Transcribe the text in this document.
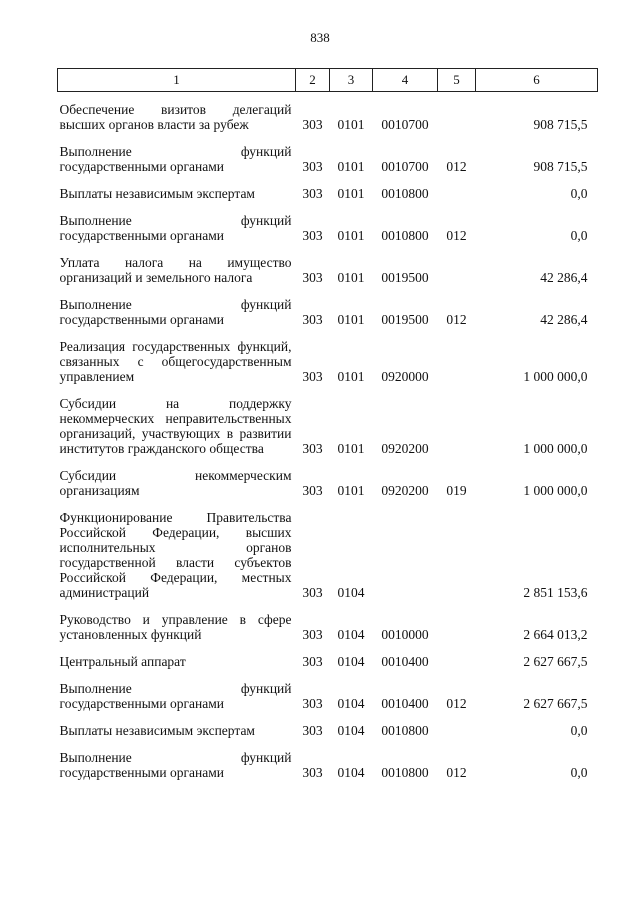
838
1	2	3	4	5	6
Обеспечение визитов делегаций высших органов власти за рубеж	303	0101	0010700		908 715,5
Выполнение функций государственными органами	303	0101	0010700	012	908 715,5
Выплаты независимым экспертам	303	0101	0010800		0,0
Выполнение функций государственными органами	303	0101	0010800	012	0,0
Уплата налога на имущество организаций и земельного налога	303	0101	0019500		42 286,4
Выполнение функций государственными органами	303	0101	0019500	012	42 286,4
Реализация государственных функций, связанных с общегосударственным управлением	303	0101	0920000		1 000 000,0
Субсидии на поддержку некоммерческих неправительственных организаций, участвующих в развитии институтов гражданского общества	303	0101	0920200		1 000 000,0
Субсидии некоммерческим организациям	303	0101	0920200	019	1 000 000,0
Функционирование Правительства Российской Федерации, высших исполнительных органов государственной власти субъектов Российской Федерации, местных администраций	303	0104			2 851 153,6
Руководство и управление в сфере установленных функций	303	0104	0010000		2 664 013,2
Центральный аппарат	303	0104	0010400		2 627 667,5
Выполнение функций государственными органами	303	0104	0010400	012	2 627 667,5
Выплаты независимым экспертам	303	0104	0010800		0,0
Выполнение функций государственными органами	303	0104	0010800	012	0,0
